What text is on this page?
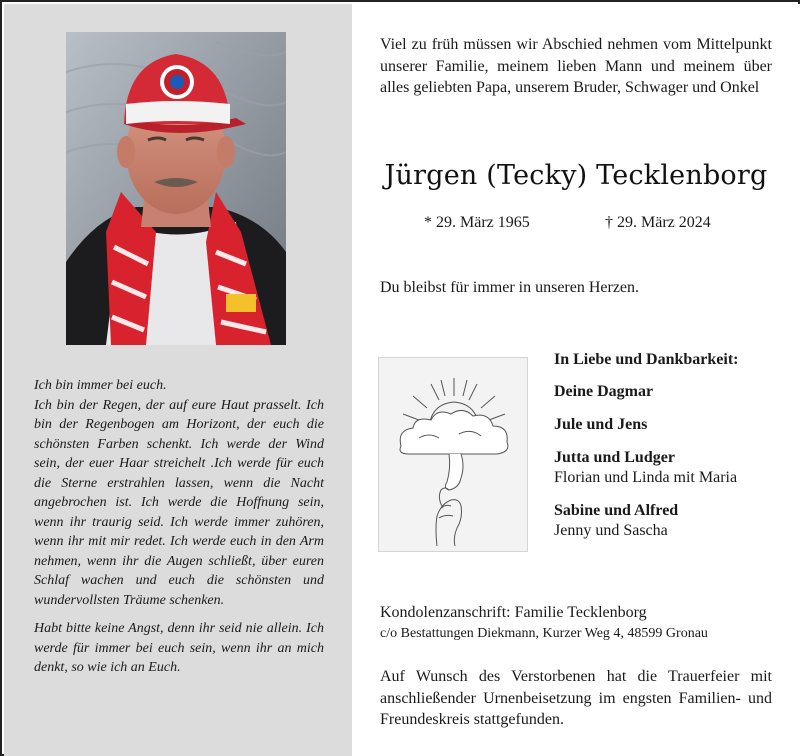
Ich bin immer bei euch.
Ich bin der Regen, der auf eure Haut prasselt. Ich bin der Regenbogen am Horizont, der euch die schönsten Farben schenkt. Ich werde der Wind sein, der euer Haar streichelt .Ich werde für euch die Sterne erstrahlen lassen, wenn die Nacht angebrochen ist. Ich werde die Hoffnung sein, wenn ihr traurig seid. Ich werde immer zuhören, wenn ihr mit mir redet. Ich werde euch in den Arm nehmen, wenn ihr die Augen schließt, über euren Schlaf wachen und euch die schönsten und wundervollsten Träume schenken.

Habt bitte keine Angst, denn ihr seid nie allein. Ich werde für immer bei euch sein, wenn ihr an mich denkt, so wie ich an Euch.

Viel zu früh müssen wir Abschied nehmen vom Mittelpunkt unserer Familie, meinem lieben Mann und meinem über alles geliebten Papa, unserem Bruder, Schwager und Onkel

Jürgen (Tecky) Tecklenborg
* 29. März 1965	† 29. März 2024
Du bleibst für immer in unseren Herzen.
In Liebe und Dankbarkeit:
Deine Dagmar
Jule und Jens
Jutta und Ludger
Florian und Linda mit Maria
Sabine und Alfred
Jenny und Sascha
Kondolenzanschrift: Familie Tecklenborg
c/o Bestattungen Diekmann, Kurzer Weg 4, 48599 Gronau

Auf Wunsch des Verstorbenen hat die Trauerfeier mit anschließender Urnenbeisetzung im engsten Familien- und Freundeskreis stattgefunden.
